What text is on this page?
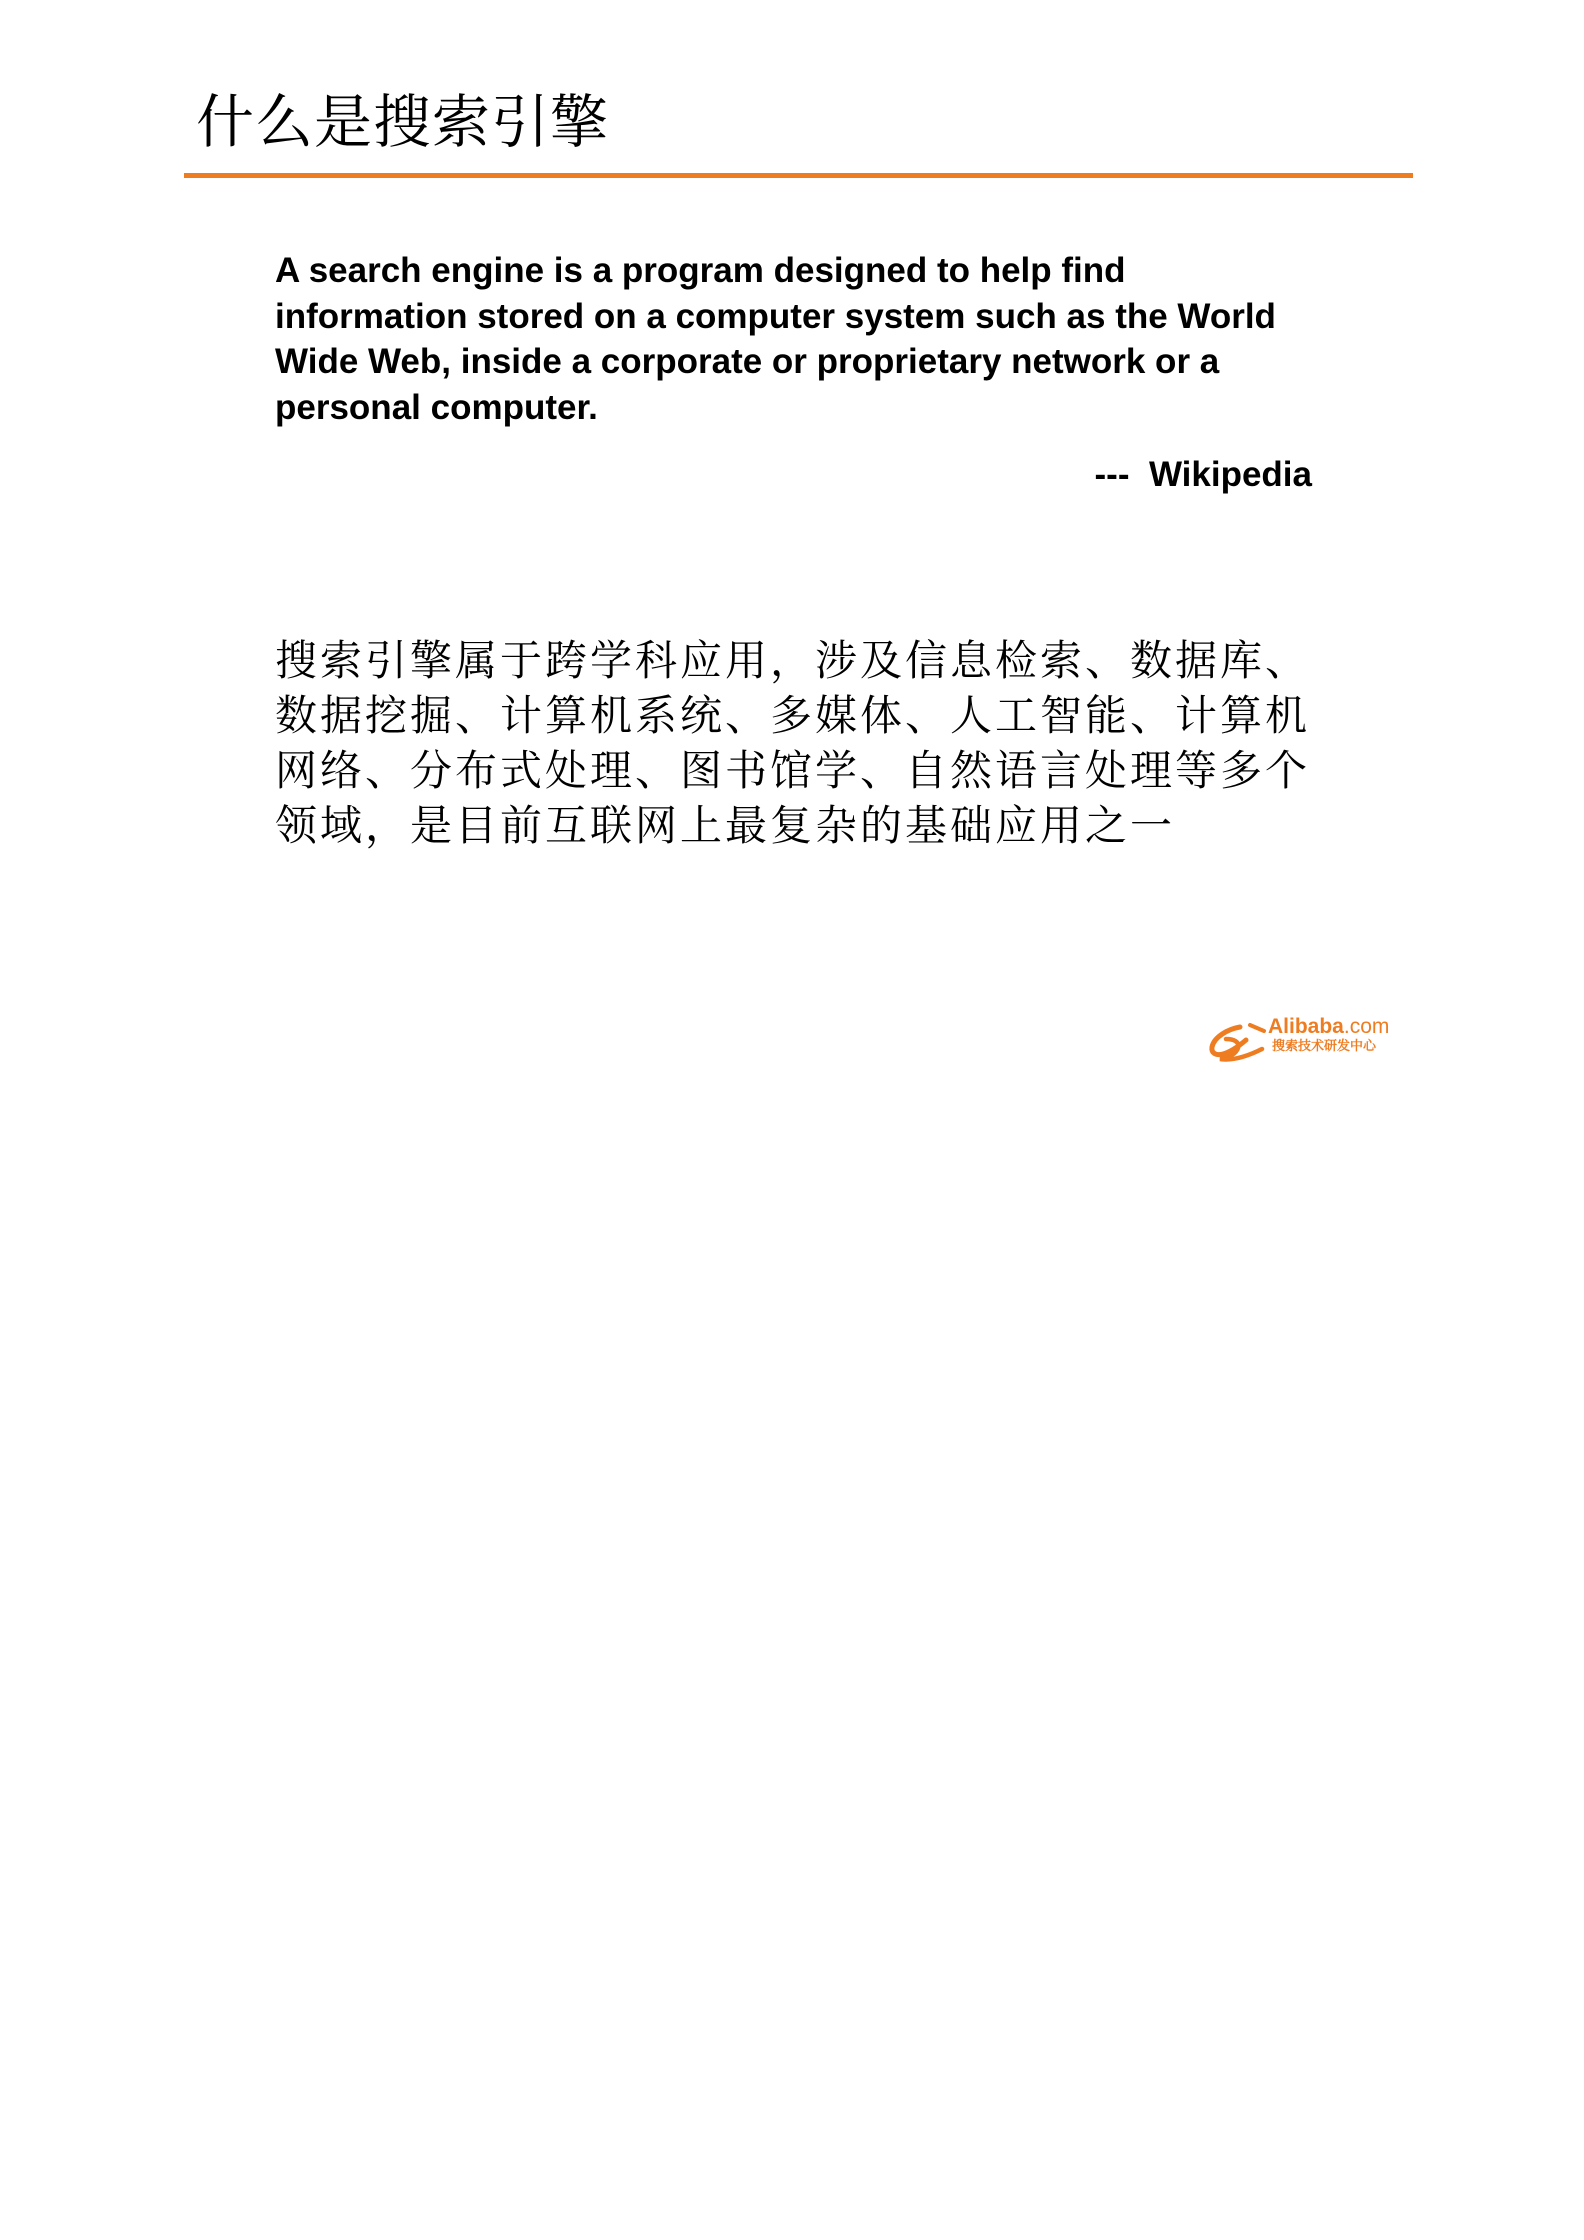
什么是搜索引擎

A search engine is a program designed to help find information stored on a computer system such as the World Wide Web, inside a corporate or proprietary network or a personal computer.

---  Wikipedia

搜索引擎属于跨学科应用，涉及信息检索、数据库、数据挖掘、计算机系统、多媒体、人工智能、计算机网络、分布式处理、图书馆学、自然语言处理等多个领域，是目前互联网上最复杂的基础应用之一

Alibaba.com
搜索技术研发中心
